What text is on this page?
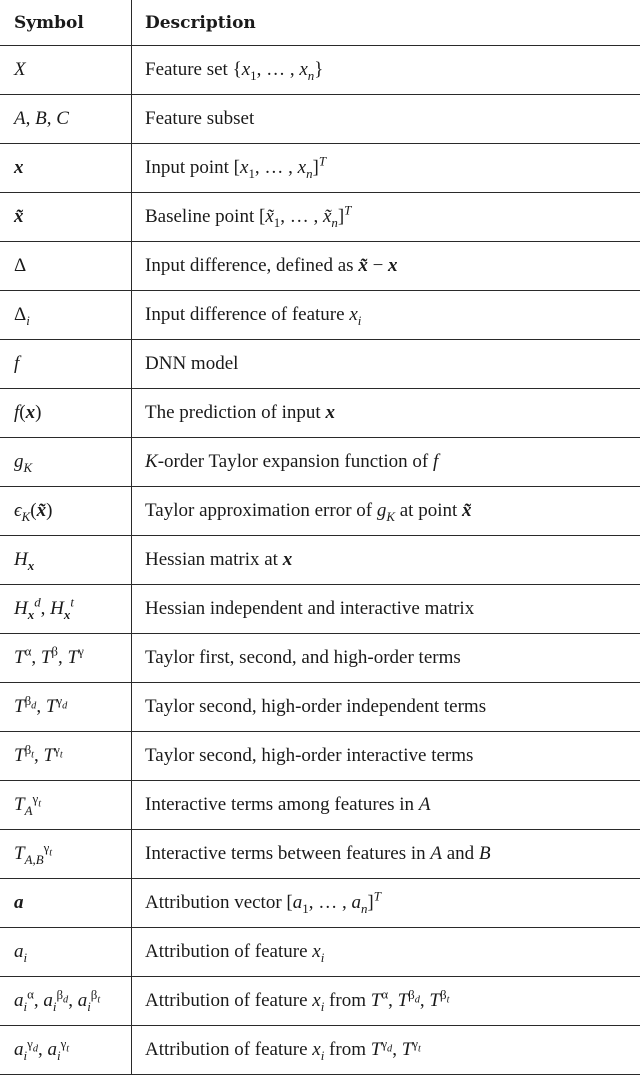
Symbol	Description
X	Feature set {$x_1$, … , $x_n$}
A, B, C	Feature subset
x	Input point [$x_1$, … , $x_n]^T$
x̃	Baseline point [$x̃_1$, … , $x̃_n]^T$
Δ	Input difference, defined as x̃ − x
$\Delta_i$	Input difference of feature $x_i$
f	DNN model
f(x)	The prediction of input x
$g_K$	K-order Taylor expansion function of f
$\epsilon_K(x̃)$	Taylor approximation error of $g_K$ at point x̃
$H_x$	Hessian matrix at x
$H_x^d$, $H_x^t$	Hessian independent and interactive matrix
$T^\alpha$, $T^\beta$, $T^\gamma$	Taylor first, second, and high-order terms
$T^{\beta_d}$, $T^{\gamma_d}$	Taylor second, high-order independent terms
$T^{\beta_t}$, $T^{\gamma_t}$	Taylor second, high-order interactive terms
$T_A^{\gamma_t}$	Interactive terms among features in A
$T_{A,B}^{\gamma_t}$	Interactive terms between features in A and B
a	Attribution vector [$a_1$, … , $a_n]^T$
$a_i$	Attribution of feature $x_i$
$a_i^\alpha$, $a_i^{\beta_d}$, $a_i^{\beta_t}$	Attribution of feature $x_i$ from $T^\alpha$, $T^{\beta_d}$, $T^{\beta_t}$
$a_i^{\gamma_d}$, $a_i^{\gamma_t}$	Attribution of feature $x_i$ from $T^{\gamma_d}$, $T^{\gamma_t}$
